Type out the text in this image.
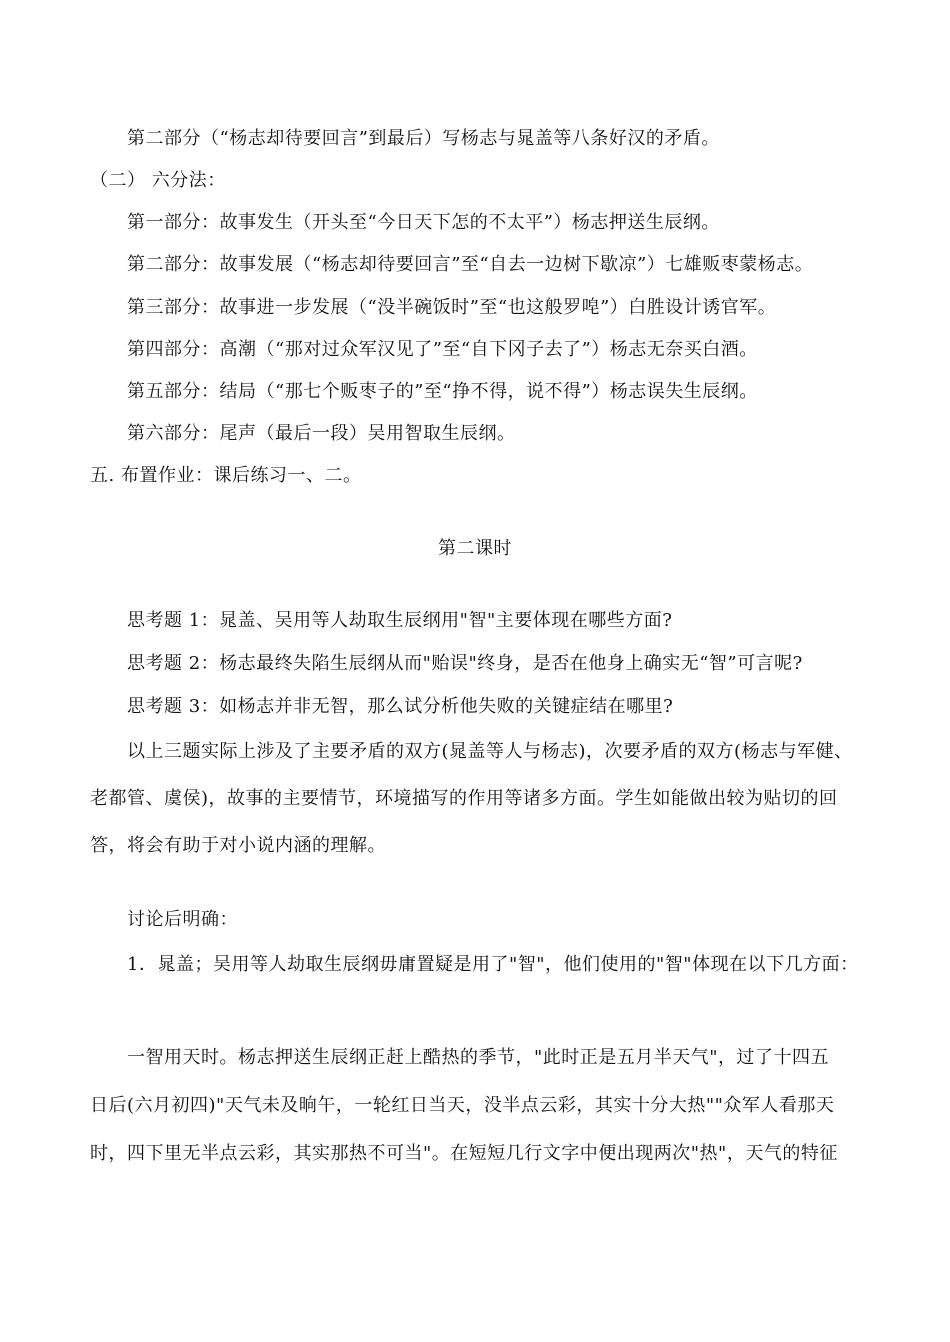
第二部分（“杨志却待要回言”到最后）写杨志与晁盖等八条好汉的矛盾。
（二） 六分法：
第一部分：故事发生（开头至“今日天下怎的不太平”）杨志押送生辰纲。
第二部分：故事发展（“杨志却待要回言”至“自去一边树下歇凉”）七雄贩枣蒙杨志。
第三部分：故事进一步发展（“没半碗饭时”至“也这般罗唣”）白胜设计诱官军。
第四部分：高潮（“那对过众军汉见了”至“自下冈子去了”）杨志无奈买白酒。
第五部分：结局（“那七个贩枣子的”至“挣不得，说不得”）杨志误失生辰纲。
第六部分：尾声（最后一段）吴用智取生辰纲。
五. 布置作业：课后练习一、二。
第二课时
思考题 1：晁盖、吴用等人劫取生辰纲用"智"主要体现在哪些方面?
思考题 2：杨志最终失陷生辰纲从而"贻误"终身，是否在他身上确实无“智”可言呢?
思考题 3：如杨志并非无智，那么试分析他失败的关键症结在哪里?
以上三题实际上涉及了主要矛盾的双方(晁盖等人与杨志)，次要矛盾的双方(杨志与军健、
老都管、虞侯)，故事的主要情节，环境描写的作用等诸多方面。学生如能做出较为贴切的回
答，将会有助于对小说内涵的理解。
讨论后明确：
1．晁盖；吴用等人劫取生辰纲毋庸置疑是用了"智"，他们使用的"智"体现在以下几方面：
一智用天时。杨志押送生辰纲正赶上酷热的季节，"此时正是五月半天气"，过了十四五
日后(六月初四)"天气未及晌午，一轮红日当天，没半点云彩，其实十分大热""众军人看那天
时，四下里无半点云彩，其实那热不可当"。在短短几行文字中便出现两次"热"，天气的特征
